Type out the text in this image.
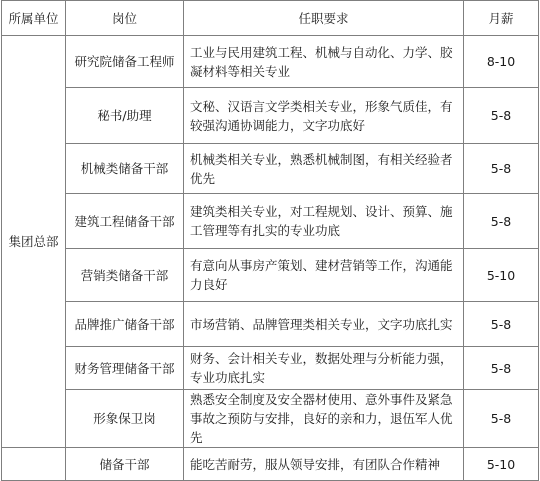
所属单位	岗位	任职要求	月薪
集团总部	研究院储备工程师	工业与民用建筑工程、机械与自动化、力学、胶凝材料等相关专业	8-10
	秘书/助理	文秘、汉语言文学类相关专业，形象气质佳，有较强沟通协调能力，文字功底好	5-8
	机械类储备干部	机械类相关专业，熟悉机械制图，有相关经验者优先	5-8
	建筑工程储备干部	建筑类相关专业，对工程规划、设计、预算、施工管理等有扎实的专业功底	5-8
	营销类储备干部	有意向从事房产策划、建材营销等工作，沟通能力良好	5-10
	品牌推广储备干部	市场营销、品牌管理类相关专业，文字功底扎实	5-8
	财务管理储备干部	财务、会计相关专业，数据处理与分析能力强，专业功底扎实	5-8
	形象保卫岗	熟悉安全制度及安全器材使用、意外事件及紧急事故之预防与安排，良好的亲和力，退伍军人优先	5-8
	储备干部	能吃苦耐劳，服从领导安排，有团队合作精神	5-10
